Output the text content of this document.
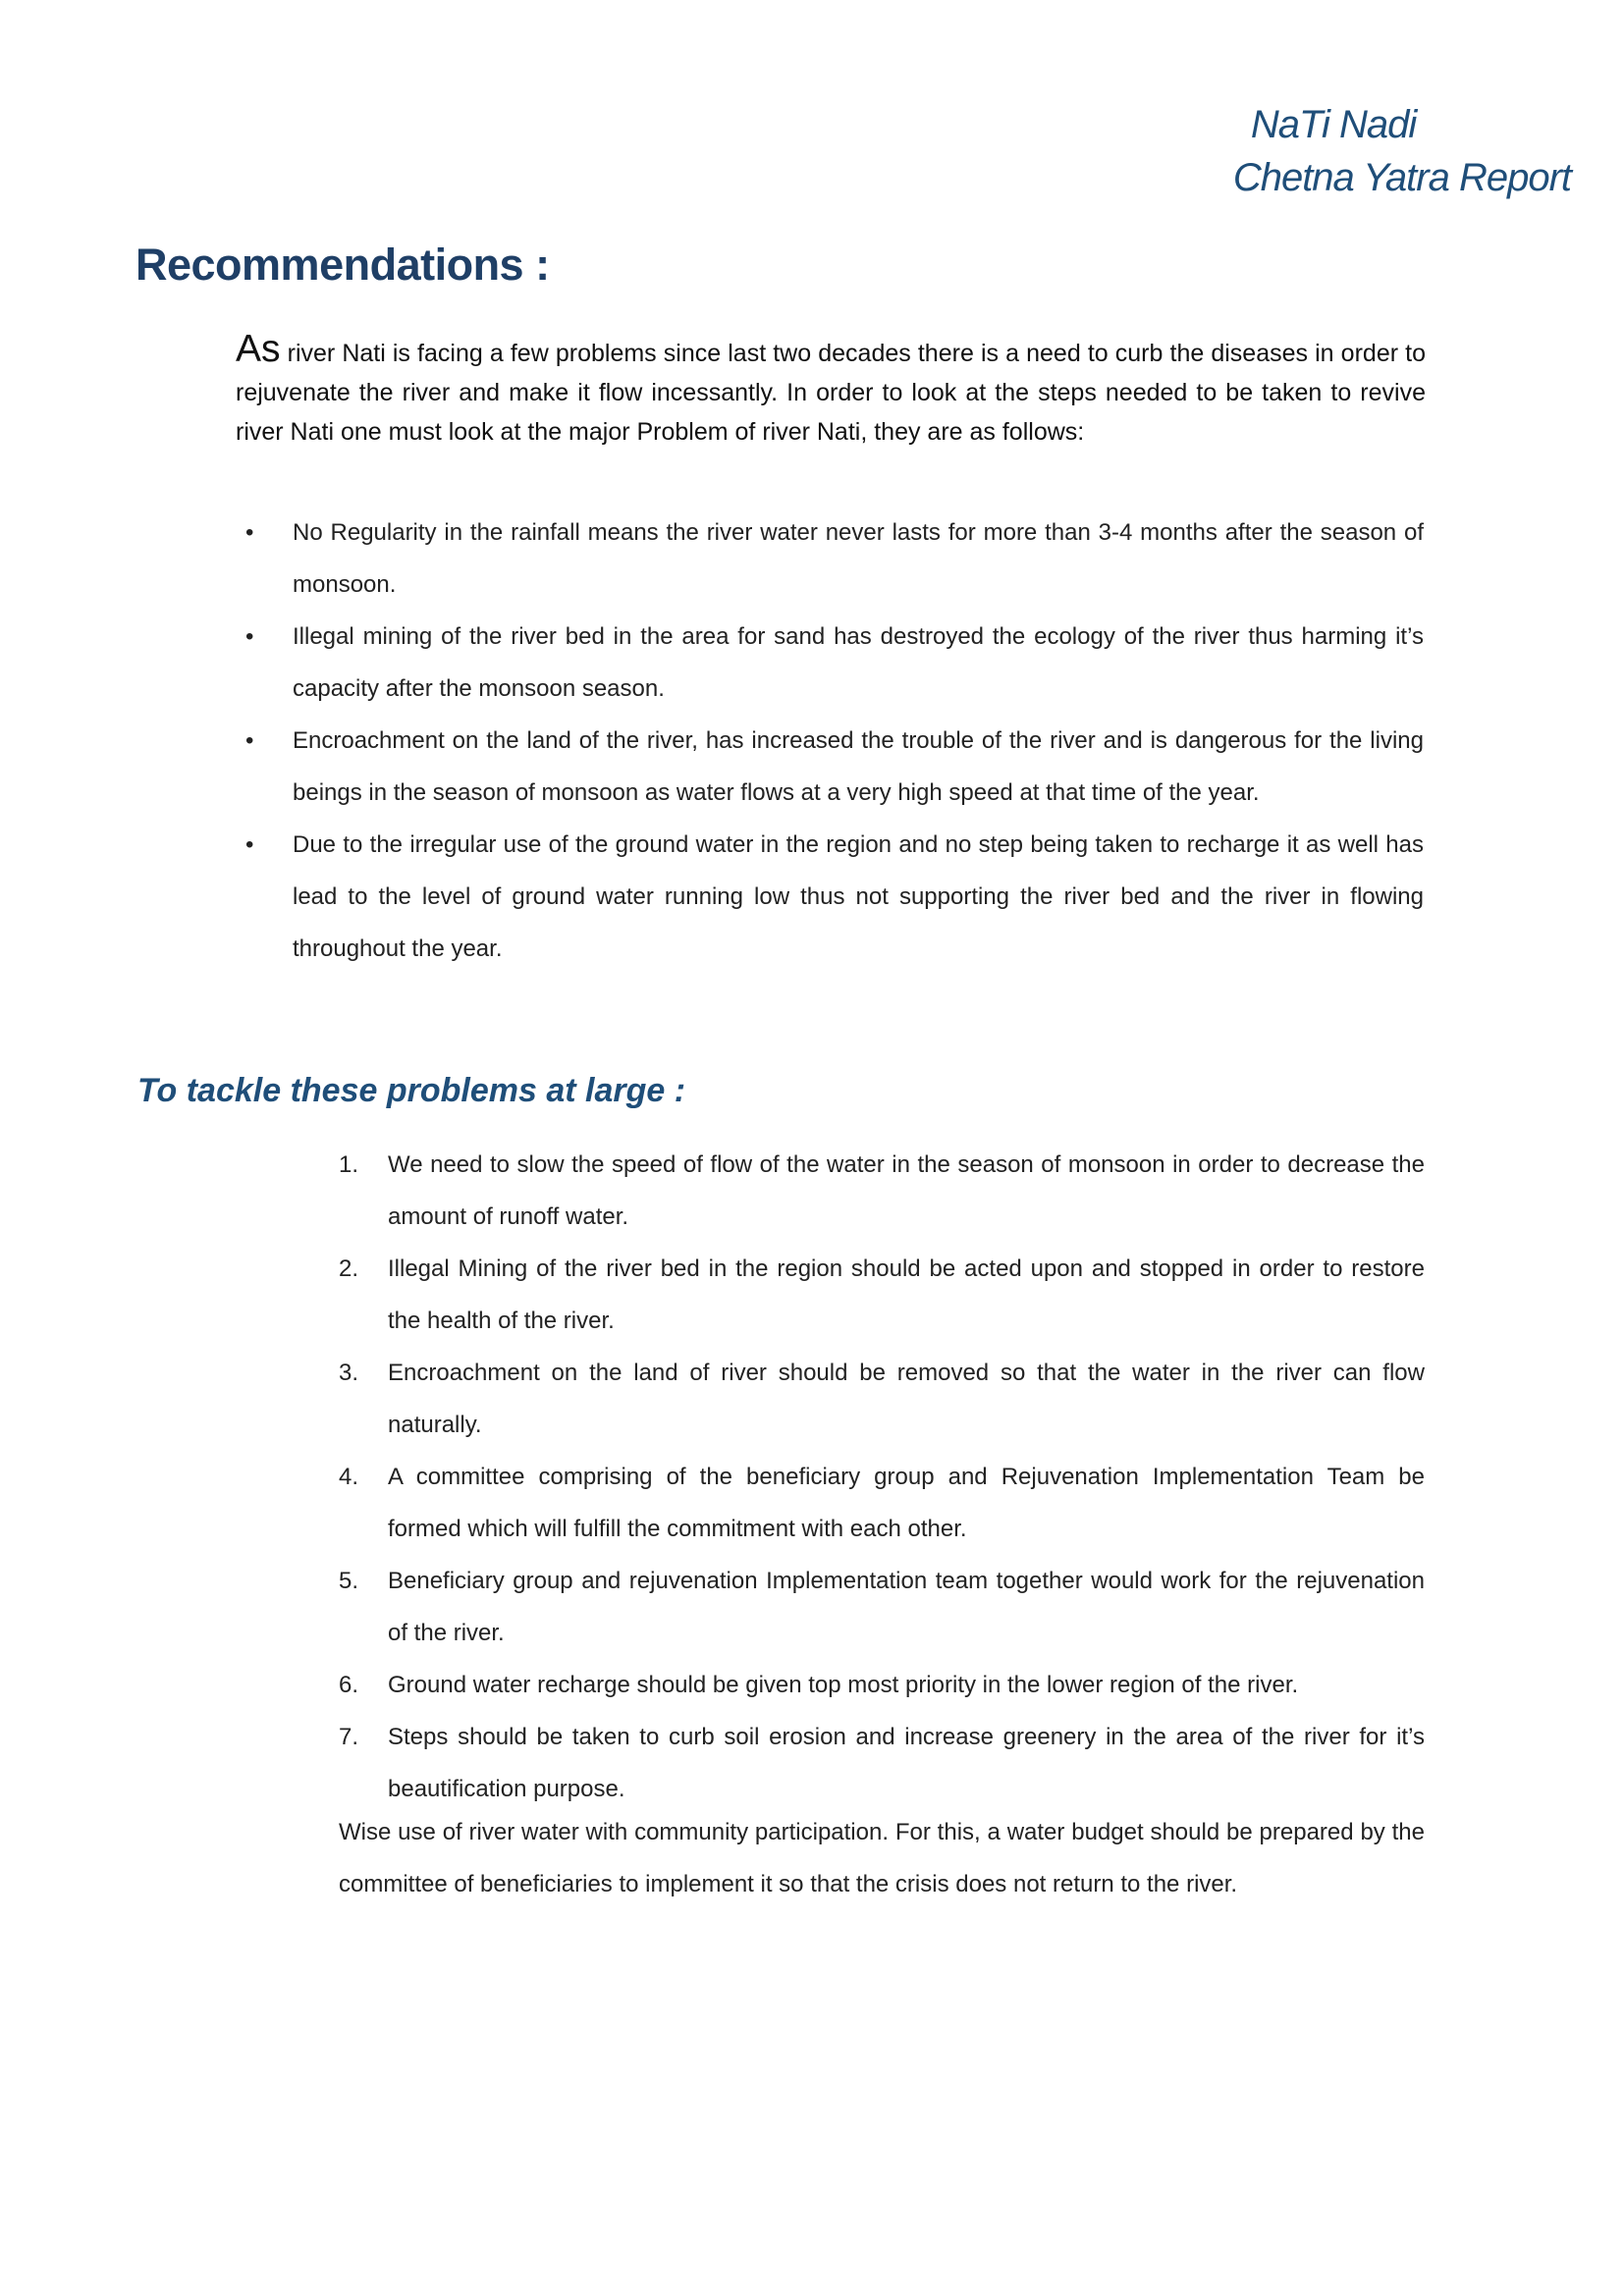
NaTi Nadi
Chetna Yatra Report
Recommendations :

As river Nati is facing a few problems since last two decades there is a need to curb the diseases in order to rejuvenate the river and make it flow incessantly. In order to look at the steps needed to be taken to revive river Nati one must look at the major Problem of river Nati, they are as follows:

• No Regularity in the rainfall means the river water never lasts for more than 3-4 months after the season of monsoon.
• Illegal mining of the river bed in the area for sand has destroyed the ecology of the river thus harming it’s capacity after the monsoon season.
• Encroachment on the land of the river, has increased the trouble of the river and is dangerous for the living beings in the season of monsoon as water flows at a very high speed at that time of the year.
• Due to the irregular use of the ground water in the region and no step being taken to recharge it as well has lead to the level of ground water running low thus not supporting the river bed and the river in flowing throughout the year.
To tackle these problems at large :
1. We need to slow the speed of flow of the water in the season of monsoon in order to decrease the amount of runoff water.
2. Illegal Mining of the river bed in the region should be acted upon and stopped in order to restore the health of the river.
3. Encroachment on the land of river should be removed so that the water in the river can flow naturally.
4. A committee comprising of the beneficiary group and Rejuvenation Implementation Team be formed which will fulfill the commitment with each other.
5. Beneficiary group and rejuvenation Implementation team together would work for the rejuvenation of the river.
6. Ground water recharge should be given top most priority in the lower region of the river.
7. Steps should be taken to curb soil erosion and increase greenery in the area of the river for it’s beautification purpose.

Wise use of river water with community participation. For this, a water budget should be prepared by the committee of beneficiaries to implement it so that the crisis does not return to the river.
